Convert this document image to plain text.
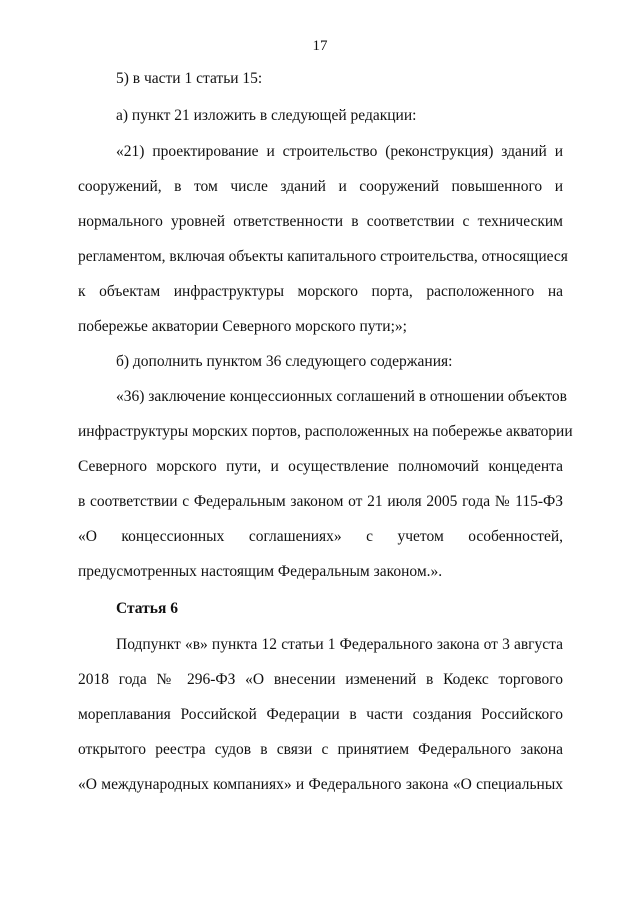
17
5) в части 1 статьи 15:
а) пункт 21 изложить в следующей редакции:
«21) проектирование и строительство (реконструкция) зданий и
сооружений, в том числе зданий и сооружений повышенного и
нормального уровней ответственности в соответствии с техническим
регламентом, включая объекты капитального строительства, относящиеся
к объектам инфраструктуры морского порта, расположенного на
побережье акватории Северного морского пути;»;
б) дополнить пунктом 36 следующего содержания:
«36) заключение концессионных соглашений в отношении объектов
инфраструктуры морских портов, расположенных на побережье акватории
Северного морского пути, и осуществление полномочий концедента
в соответствии с Федеральным законом от 21 июля 2005 года № 115-ФЗ
«О концессионных соглашениях» с учетом особенностей,
предусмотренных настоящим Федеральным законом.».
Статья 6
Подпункт «в» пункта 12 статьи 1 Федерального закона от 3 августа
2018 года № 296-ФЗ «О внесении изменений в Кодекс торгового
мореплавания Российской Федерации в части создания Российского
открытого реестра судов в связи с принятием Федерального закона
«О международных компаниях» и Федерального закона «О специальных
